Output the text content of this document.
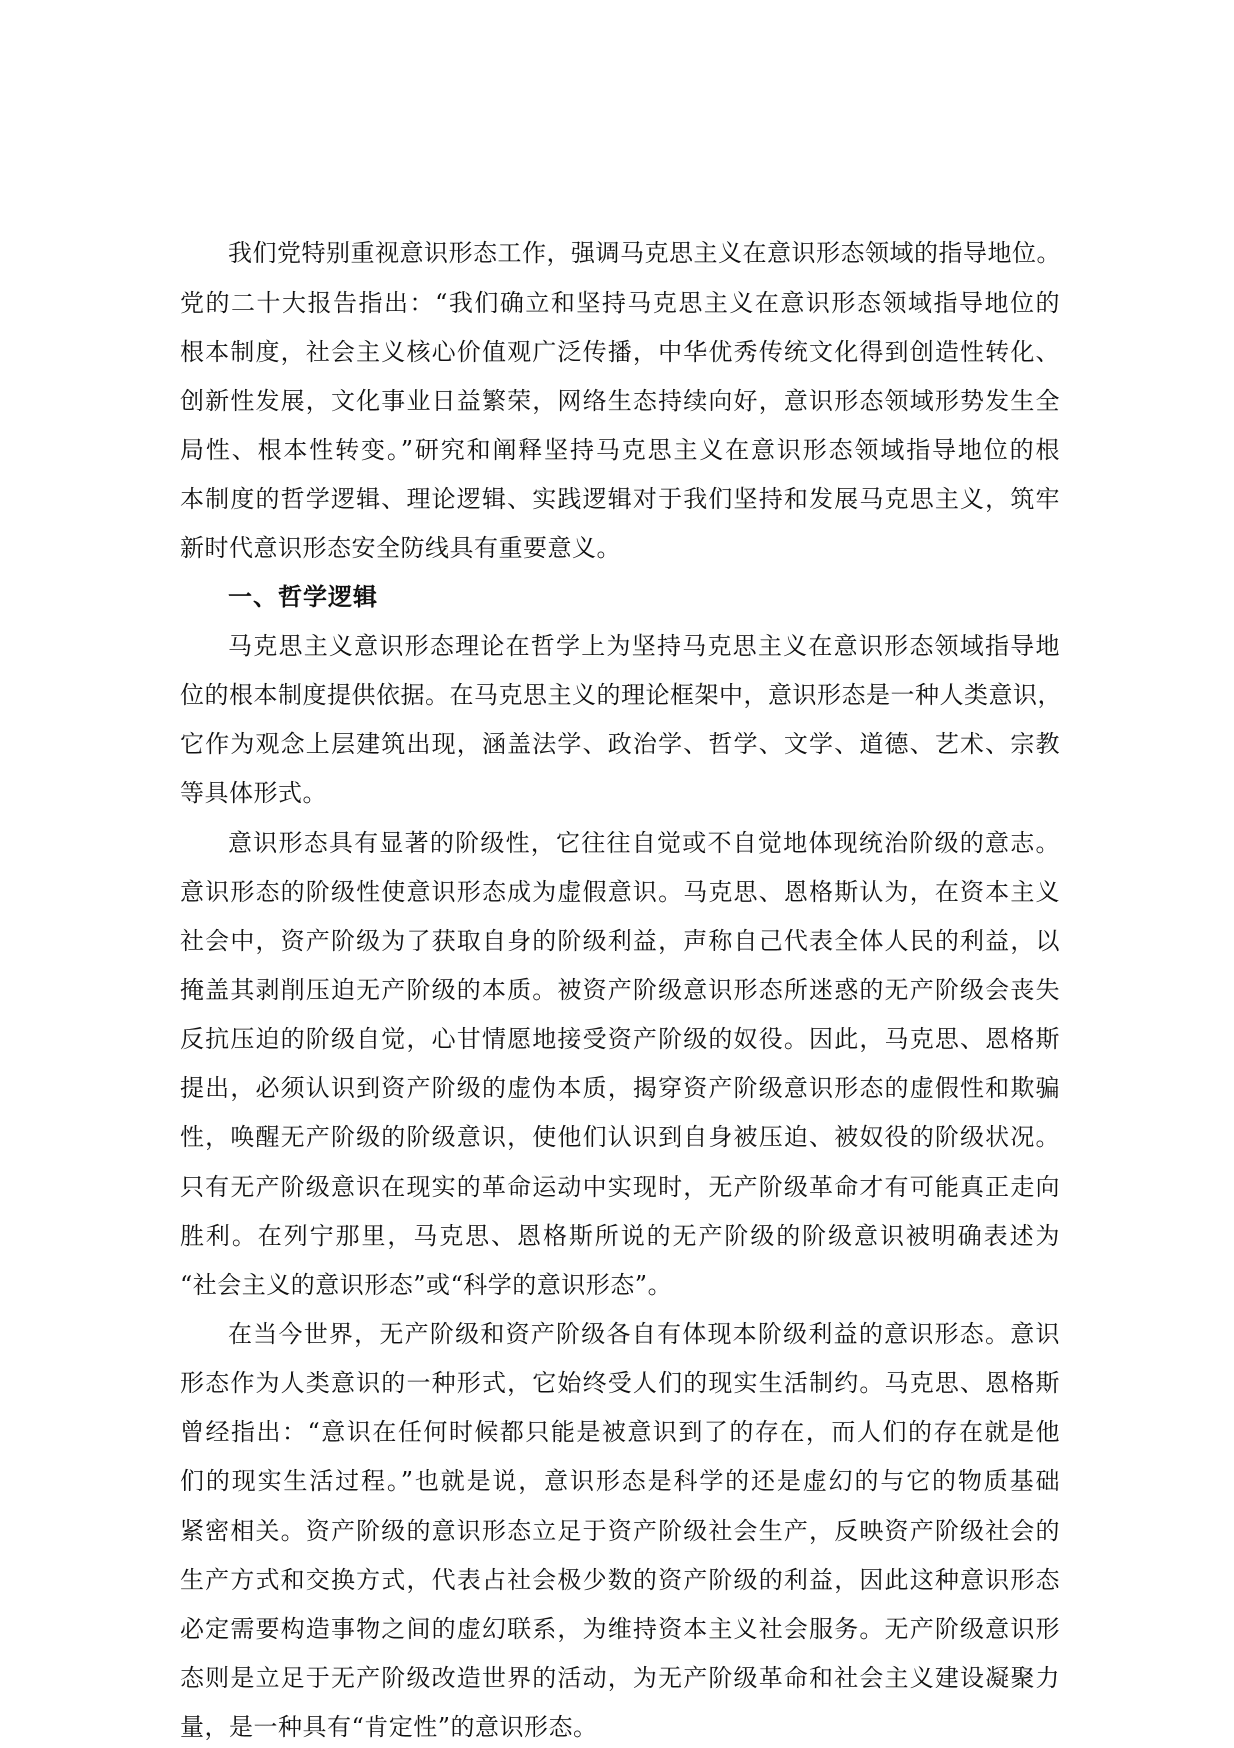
我们党特别重视意识形态工作，强调马克思主义在意识形态领域的指导地位。
党的二十大报告指出：“我们确立和坚持马克思主义在意识形态领域指导地位的
根本制度，社会主义核心价值观广泛传播，中华优秀传统文化得到创造性转化、
创新性发展，文化事业日益繁荣，网络生态持续向好，意识形态领域形势发生全
局性、根本性转变。”研究和阐释坚持马克思主义在意识形态领域指导地位的根
本制度的哲学逻辑、理论逻辑、实践逻辑对于我们坚持和发展马克思主义，筑牢
新时代意识形态安全防线具有重要意义。
一、哲学逻辑
马克思主义意识形态理论在哲学上为坚持马克思主义在意识形态领域指导地
位的根本制度提供依据。在马克思主义的理论框架中，意识形态是一种人类意识，
它作为观念上层建筑出现，涵盖法学、政治学、哲学、文学、道德、艺术、宗教
等具体形式。
意识形态具有显著的阶级性，它往往自觉或不自觉地体现统治阶级的意志。
意识形态的阶级性使意识形态成为虚假意识。马克思、恩格斯认为，在资本主义
社会中，资产阶级为了获取自身的阶级利益，声称自己代表全体人民的利益，以
掩盖其剥削压迫无产阶级的本质。被资产阶级意识形态所迷惑的无产阶级会丧失
反抗压迫的阶级自觉，心甘情愿地接受资产阶级的奴役。因此，马克思、恩格斯
提出，必须认识到资产阶级的虚伪本质，揭穿资产阶级意识形态的虚假性和欺骗
性，唤醒无产阶级的阶级意识，使他们认识到自身被压迫、被奴役的阶级状况。
只有无产阶级意识在现实的革命运动中实现时，无产阶级革命才有可能真正走向
胜利。在列宁那里，马克思、恩格斯所说的无产阶级的阶级意识被明确表述为
“社会主义的意识形态”或“科学的意识形态”。
在当今世界，无产阶级和资产阶级各自有体现本阶级利益的意识形态。意识
形态作为人类意识的一种形式，它始终受人们的现实生活制约。马克思、恩格斯
曾经指出：“意识在任何时候都只能是被意识到了的存在，而人们的存在就是他
们的现实生活过程。”也就是说，意识形态是科学的还是虚幻的与它的物质基础
紧密相关。资产阶级的意识形态立足于资产阶级社会生产，反映资产阶级社会的
生产方式和交换方式，代表占社会极少数的资产阶级的利益，因此这种意识形态
必定需要构造事物之间的虚幻联系，为维持资本主义社会服务。无产阶级意识形
态则是立足于无产阶级改造世界的活动，为无产阶级革命和社会主义建设凝聚力
量，是一种具有“肯定性”的意识形态。
